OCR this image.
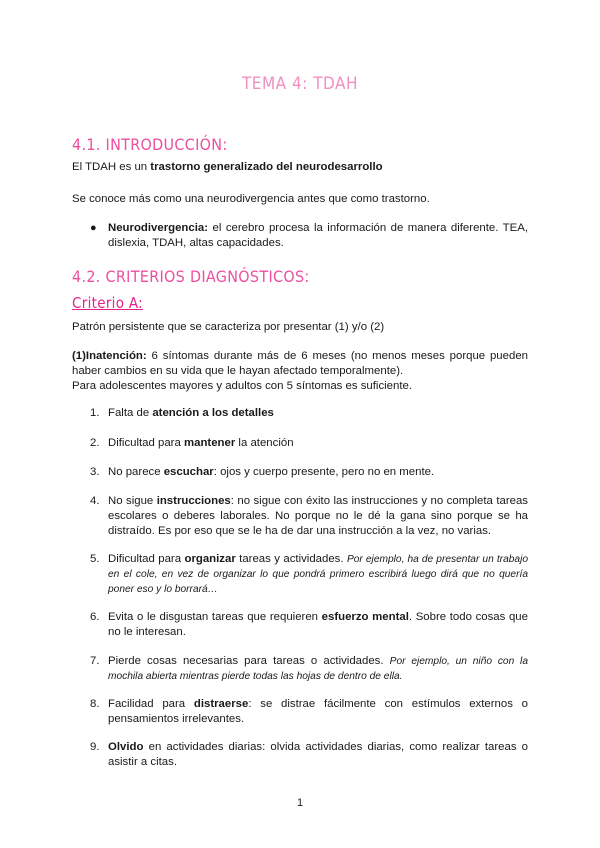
TEMA 4: TDAH
4.1. INTRODUCCIÓN:
El TDAH es un trastorno generalizado del neurodesarrollo
Se conoce más como una neurodivergencia antes que como trastorno.
● Neurodivergencia: el cerebro procesa la información de manera diferente. TEA, dislexia, TDAH, altas capacidades.
4.2. CRITERIOS DIAGNÓSTICOS:
Criterio A:
Patrón persistente que se caracteriza por presentar (1) y/o (2)
(1)Inatención: 6 síntomas durante más de 6 meses (no menos meses porque pueden haber cambios en su vida que le hayan afectado temporalmente).
Para adolescentes mayores y adultos con 5 síntomas es suficiente.
1. Falta de atención a los detalles
2. Dificultad para mantener la atención
3. No parece escuchar: ojos y cuerpo presente, pero no en mente.
4. No sigue instrucciones: no sigue con éxito las instrucciones y no completa tareas escolares o deberes laborales. No porque no le dé la gana sino porque se ha distraído. Es por eso que se le ha de dar una instrucción a la vez, no varias.
5. Dificultad para organizar tareas y actividades. Por ejemplo, ha de presentar un trabajo en el cole, en vez de organizar lo que pondrá primero escribirá luego dirá que no quería poner eso y lo borrará…
6. Evita o le disgustan tareas que requieren esfuerzo mental. Sobre todo cosas que no le interesan.
7. Pierde cosas necesarias para tareas o actividades. Por ejemplo, un niño con la mochila abierta mientras pierde todas las hojas de dentro de ella.
8. Facilidad para distraerse: se distrae fácilmente con estímulos externos o pensamientos irrelevantes.
9. Olvido en actividades diarias: olvida actividades diarias, como realizar tareas o asistir a citas.
1
